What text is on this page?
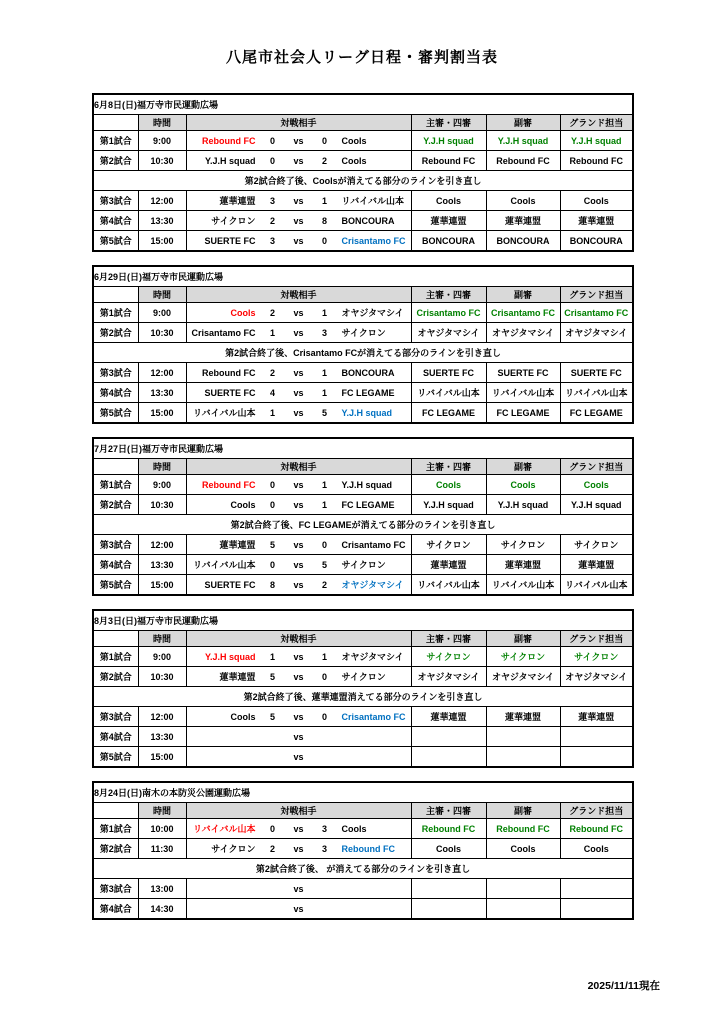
八尾市社会人リーグ日程・審判割当表
6月8日(日)福万寺市民運動広場					
	時間	対戦相手	主審・四審	副審	グランド担当
第1試合	9:00	Rebound FC 0 vs 0 Cools	Y.J.H squad	Y.J.H squad	Y.J.H squad
第2試合	10:30	Y.J.H squad 0 vs 2 Cools	Rebound FC	Rebound FC	Rebound FC
第2試合終了後、Coolsが消えてる部分のラインを引き直し					
第3試合	12:00	蓮華連盟 3 vs 1 リバイバル山本	Cools	Cools	Cools
第4試合	13:30	サイクロン 2 vs 8 BONCOURA	蓮華連盟	蓮華連盟	蓮華連盟
第5試合	15:00	SUERTE FC 3 vs 0 Crisantamo FC	BONCOURA	BONCOURA	BONCOURA
6月29日(日)福万寺市民運動広場					
	時間	対戦相手	主審・四審	副審	グランド担当
第1試合	9:00	Cools 2 vs 1 オヤジタマシイ	Crisantamo FC	Crisantamo FC	Crisantamo FC
第2試合	10:30	Crisantamo FC 1 vs 3 サイクロン	オヤジタマシイ	オヤジタマシイ	オヤジタマシイ
第2試合終了後、Crisantamo FCが消えてる部分のラインを引き直し					
第3試合	12:00	Rebound FC 2 vs 1 BONCOURA	SUERTE FC	SUERTE FC	SUERTE FC
第4試合	13:30	SUERTE FC 4 vs 1 FC LEGAME	リバイバル山本	リバイバル山本	リバイバル山本
第5試合	15:00	リバイバル山本 1 vs 5 Y.J.H squad	FC LEGAME	FC LEGAME	FC LEGAME
7月27日(日)福万寺市民運動広場					
	時間	対戦相手	主審・四審	副審	グランド担当
第1試合	9:00	Rebound FC 0 vs 1 Y.J.H squad	Cools	Cools	Cools
第2試合	10:30	Cools 0 vs 1 FC LEGAME	Y.J.H squad	Y.J.H squad	Y.J.H squad
第2試合終了後、FC LEGAMEが消えてる部分のラインを引き直し					
第3試合	12:00	蓮華連盟 5 vs 0 Crisantamo FC	サイクロン	サイクロン	サイクロン
第4試合	13:30	リバイバル山本 0 vs 5 サイクロン	蓮華連盟	蓮華連盟	蓮華連盟
第5試合	15:00	SUERTE FC 8 vs 2 オヤジタマシイ	リバイバル山本	リバイバル山本	リバイバル山本
8月3日(日)福万寺市民運動広場					
	時間	対戦相手	主審・四審	副審	グランド担当
第1試合	9:00	Y.J.H squad 1 vs 1 オヤジタマシイ	サイクロン	サイクロン	サイクロン
第2試合	10:30	蓮華連盟 5 vs 0 サイクロン	オヤジタマシイ	オヤジタマシイ	オヤジタマシイ
第2試合終了後、蓮華連盟消えてる部分のラインを引き直し					
第3試合	12:00	Cools 5 vs 0 Crisantamo FC	蓮華連盟	蓮華連盟	蓮華連盟
第4試合	13:30	vs			

第5試合	15:00	vs			

8月24日(日)南木の本防災公園運動広場					
	時間	対戦相手	主審・四審	副審	グランド担当
第1試合	10:00	リバイバル山本 0 vs 3 Cools	Rebound FC	Rebound FC	Rebound FC
第2試合	11:30	サイクロン 2 vs 3 Rebound FC	Cools	Cools	Cools
第2試合終了後、 が消えてる部分のラインを引き直し					
第3試合	13:00	vs			

第4試合	14:30	vs			

2025/11/11現在
